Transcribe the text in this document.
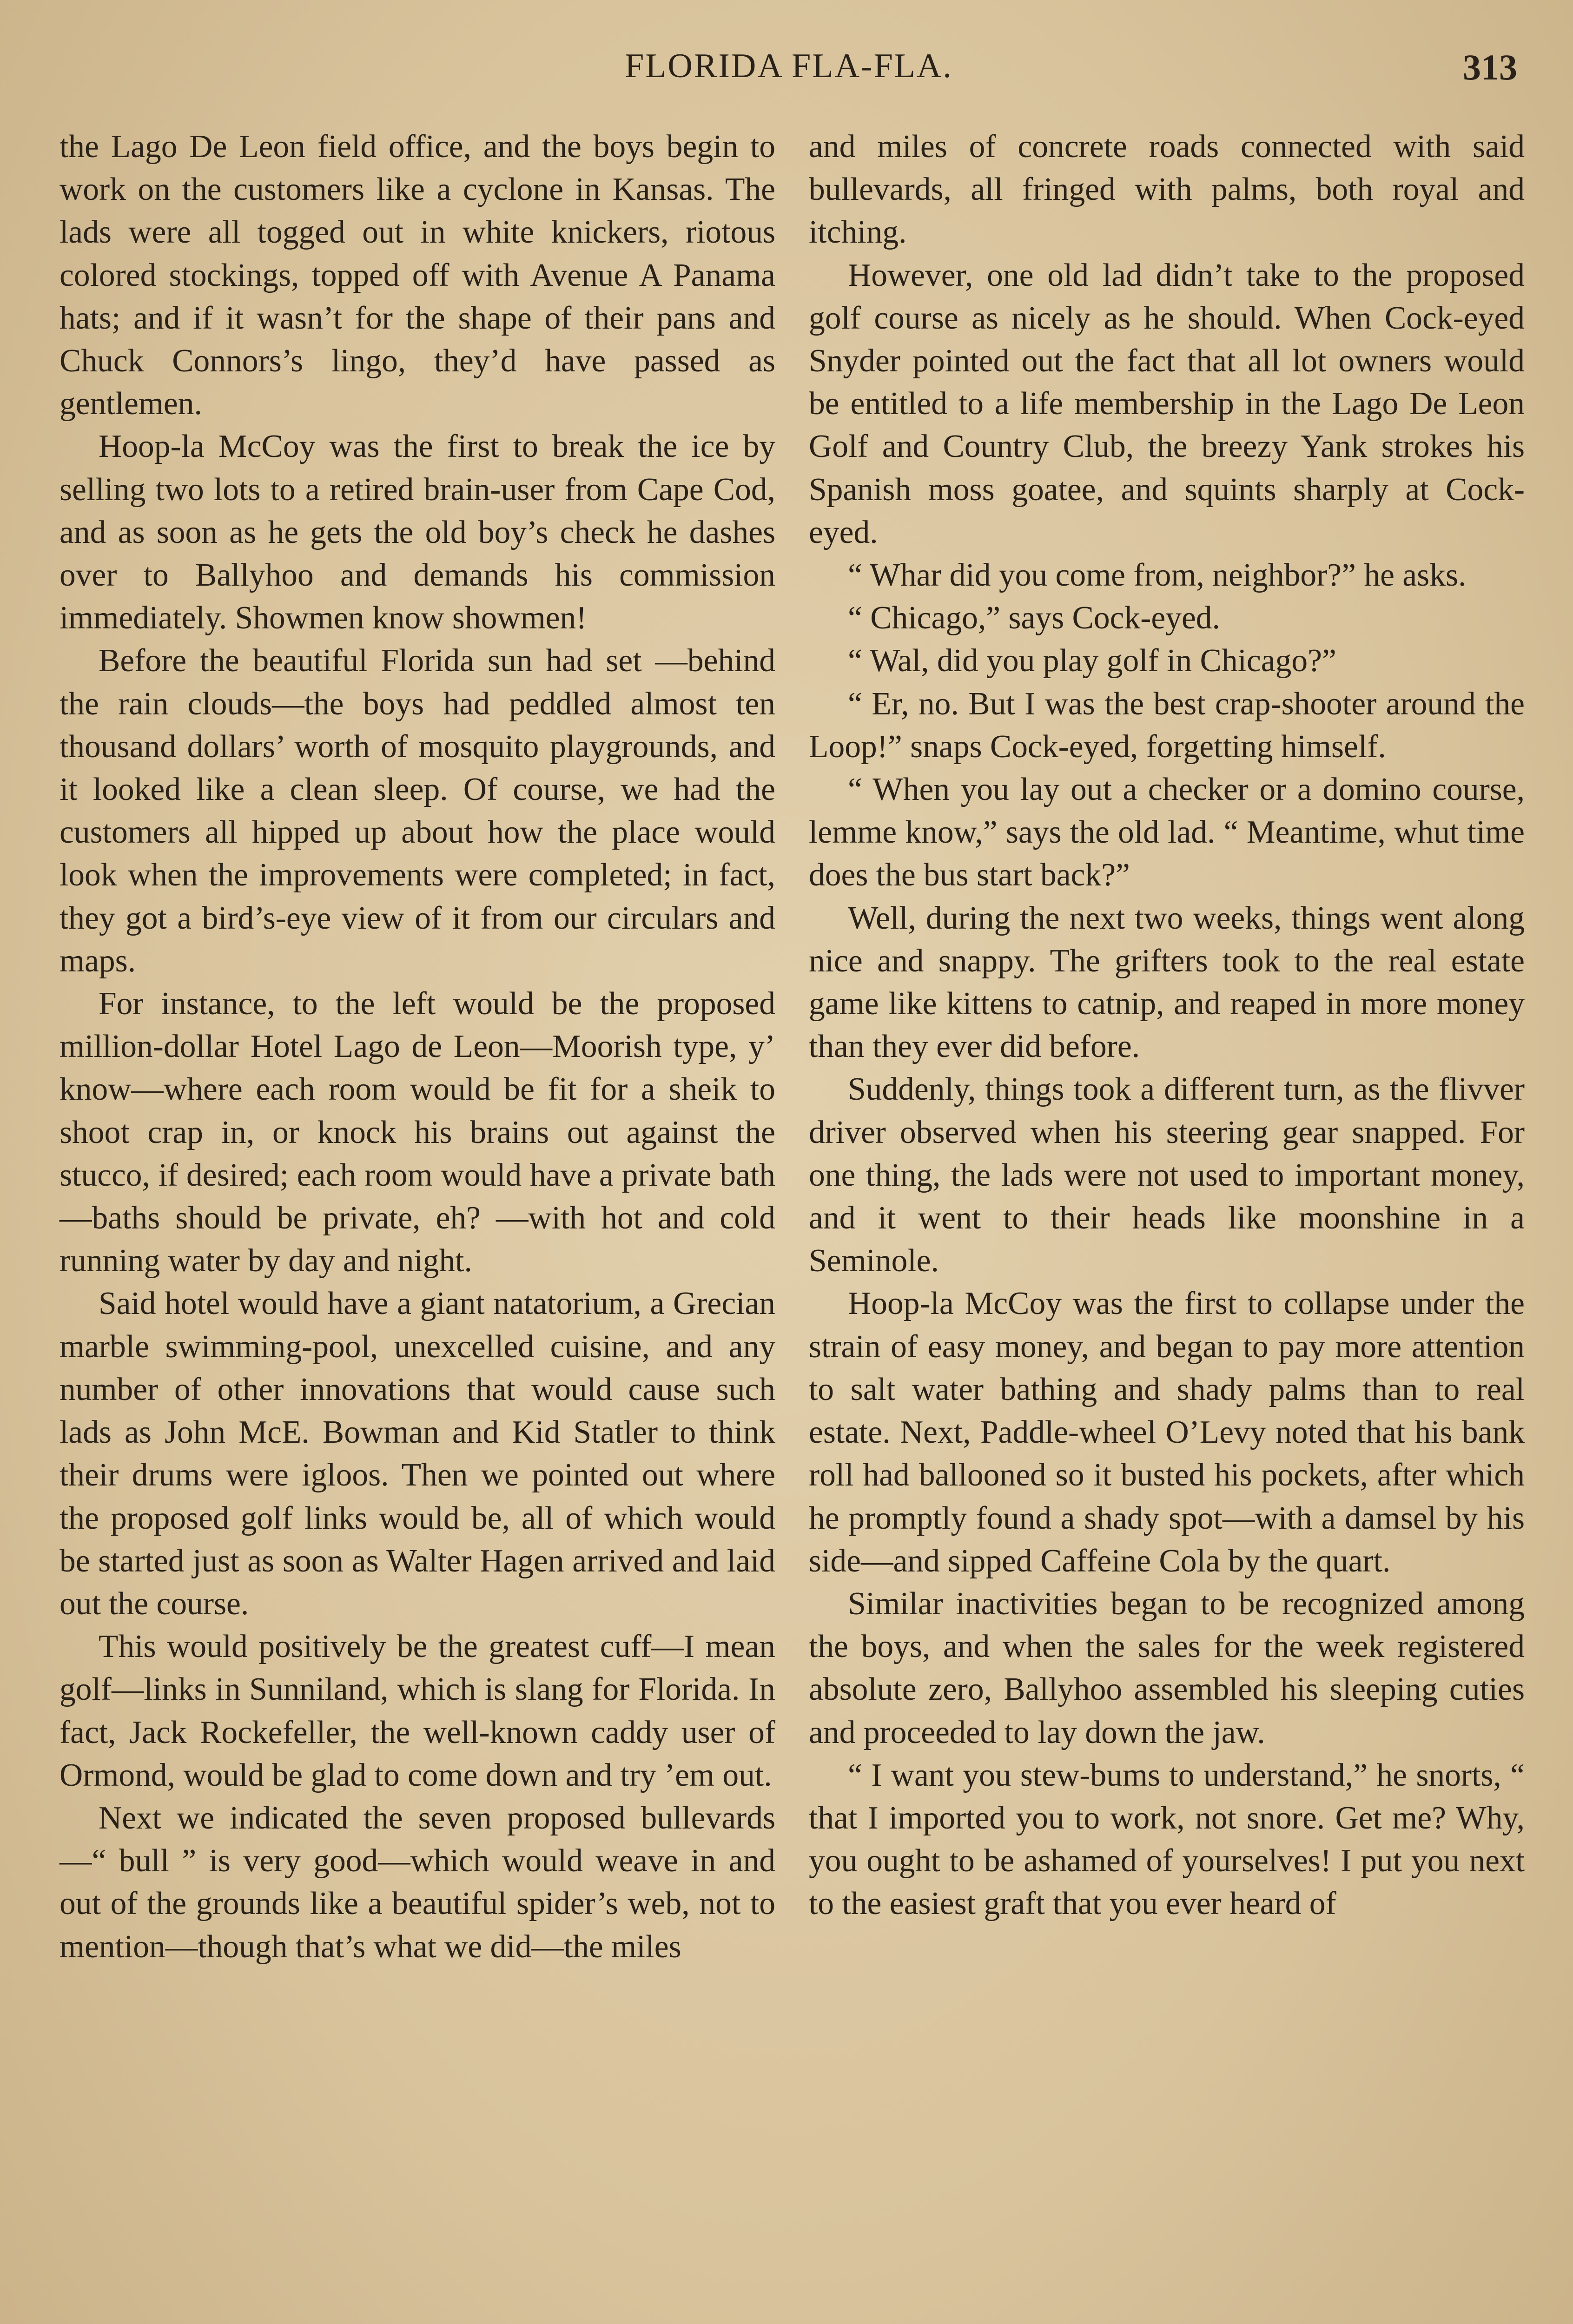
FLORIDA FLA-FLA.	313

the Lago De Leon field office, and the boys begin to work on the customers like a cyclone in Kansas. The lads were all togged out in white knickers, riotous colored stockings, topped off with Avenue A Panama hats; and if it wasn’t for the shape of their pans and Chuck Connors’s lingo, they’d have passed as gentlemen.

Hoop-la McCoy was the first to break the ice by selling two lots to a retired brain-user from Cape Cod, and as soon as he gets the old boy’s check he dashes over to Ballyhoo and demands his commission immediately. Showmen know showmen!

Before the beautiful Florida sun had set —behind the rain clouds—the boys had peddled almost ten thousand dollars’ worth of mosquito playgrounds, and it looked like a clean sleep. Of course, we had the customers all hipped up about how the place would look when the improvements were completed; in fact, they got a bird’s-eye view of it from our circulars and maps.

For instance, to the left would be the proposed million-dollar Hotel Lago de Leon—Moorish type, y’ know—where each room would be fit for a sheik to shoot crap in, or knock his brains out against the stucco, if desired; each room would have a private bath—baths should be private, eh? —with hot and cold running water by day and night.

Said hotel would have a giant natatorium, a Grecian marble swimming-pool, unexcelled cuisine, and any number of other innovations that would cause such lads as John McE. Bowman and Kid Statler to think their drums were igloos. Then we pointed out where the proposed golf links would be, all of which would be started just as soon as Walter Hagen arrived and laid out the course.

This would positively be the greatest cuff—I mean golf—links in Sunniland, which is slang for Florida. In fact, Jack Rockefeller, the well-known caddy user of Ormond, would be glad to come down and try ’em out.

Next we indicated the seven proposed bullevards—“ bull ” is very good—which would weave in and out of the grounds like a beautiful spider’s web, not to mention—though that’s what we did—the miles

and miles of concrete roads connected with said bullevards, all fringed with palms, both royal and itching.

However, one old lad didn’t take to the proposed golf course as nicely as he should. When Cock-eyed Snyder pointed out the fact that all lot owners would be entitled to a life membership in the Lago De Leon Golf and Country Club, the breezy Yank strokes his Spanish moss goatee, and squints sharply at Cock-eyed.

“ Whar did you come from, neighbor?” he asks.

“ Chicago,” says Cock-eyed.

“ Wal, did you play golf in Chicago?”

“ Er, no. But I was the best crap-shooter around the Loop!” snaps Cock-eyed, forgetting himself.

“ When you lay out a checker or a domino course, lemme know,” says the old lad. “ Meantime, whut time does the bus start back?”

Well, during the next two weeks, things went along nice and snappy. The grifters took to the real estate game like kittens to catnip, and reaped in more money than they ever did before.

Suddenly, things took a different turn, as the flivver driver observed when his steering gear snapped. For one thing, the lads were not used to important money, and it went to their heads like moonshine in a Seminole.

Hoop-la McCoy was the first to collapse under the strain of easy money, and began to pay more attention to salt water bathing and shady palms than to real estate. Next, Paddle-wheel O’Levy noted that his bank roll had ballooned so it busted his pockets, after which he promptly found a shady spot—with a damsel by his side—and sipped Caffeine Cola by the quart.

Similar inactivities began to be recognized among the boys, and when the sales for the week registered absolute zero, Ballyhoo assembled his sleeping cuties and proceeded to lay down the jaw.

“ I want you stew-bums to understand,” he snorts, “ that I imported you to work, not snore. Get me? Why, you ought to be ashamed of yourselves! I put you next to the easiest graft that you ever heard of
